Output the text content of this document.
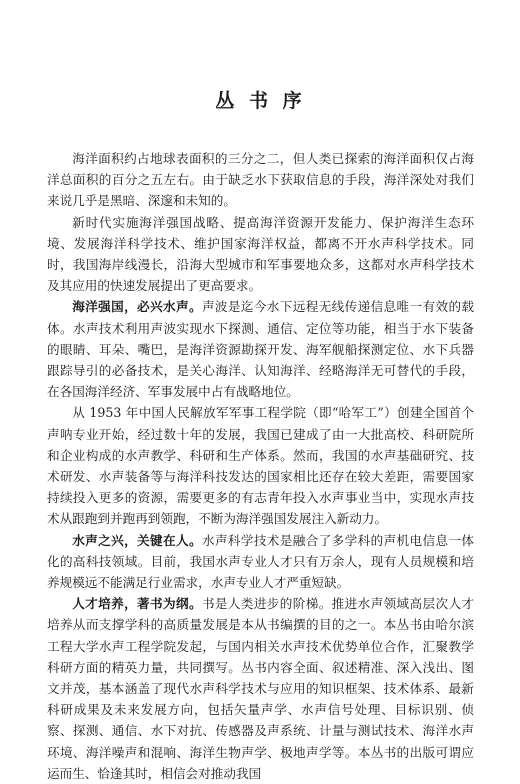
丛 书 序

海洋面积约占地球表面积的三分之二，但人类已探索的海洋面积仅占海洋总面积的百分之五左右。由于缺乏水下获取信息的手段，海洋深处对我们来说几乎是黑暗、深邃和未知的。

新时代实施海洋强国战略、提高海洋资源开发能力、保护海洋生态环境、发展海洋科学技术、维护国家海洋权益，都离不开水声科学技术。同时，我国海岸线漫长，沿海大型城市和军事要地众多，这都对水声科学技术及其应用的快速发展提出了更高要求。

海洋强国，必兴水声。声波是迄今水下远程无线传递信息唯一有效的载体。水声技术利用声波实现水下探测、通信、定位等功能，相当于水下装备的眼睛、耳朵、嘴巴，是海洋资源勘探开发、海军舰船探测定位、水下兵器跟踪导引的必备技术，是关心海洋、认知海洋、经略海洋无可替代的手段，在各国海洋经济、军事发展中占有战略地位。

从 1953 年中国人民解放军军事工程学院（即“哈军工”）创建全国首个声呐专业开始，经过数十年的发展，我国已建成了由一大批高校、科研院所和企业构成的水声教学、科研和生产体系。然而，我国的水声基础研究、技术研发、水声装备等与海洋科技发达的国家相比还存在较大差距，需要国家持续投入更多的资源，需要更多的有志青年投入水声事业当中，实现水声技术从跟跑到并跑再到领跑，不断为海洋强国发展注入新动力。

水声之兴，关键在人。水声科学技术是融合了多学科的声机电信息一体化的高科技领域。目前，我国水声专业人才只有万余人，现有人员规模和培养规模远不能满足行业需求，水声专业人才严重短缺。

人才培养，著书为纲。书是人类进步的阶梯。推进水声领域高层次人才培养从而支撑学科的高质量发展是本从书编撰的目的之一。本丛书由哈尔滨工程大学水声工程学院发起，与国内相关水声技术优势单位合作，汇聚教学科研方面的精英力量，共同撰写。丛书内容全面、叙述精准、深入浅出、图文并茂，基本涵盖了现代水声科学技术与应用的知识框架、技术体系、最新科研成果及未来发展方向，包括矢量声学、水声信号处理、目标识别、侦察、探测、通信、水下对抗、传感器及声系统、计量与测试技术、海洋水声环境、海洋噪声和混响、海洋生物声学、极地声学等。本丛书的出版可谓应运而生、恰逢其时，相信会对推动我国
